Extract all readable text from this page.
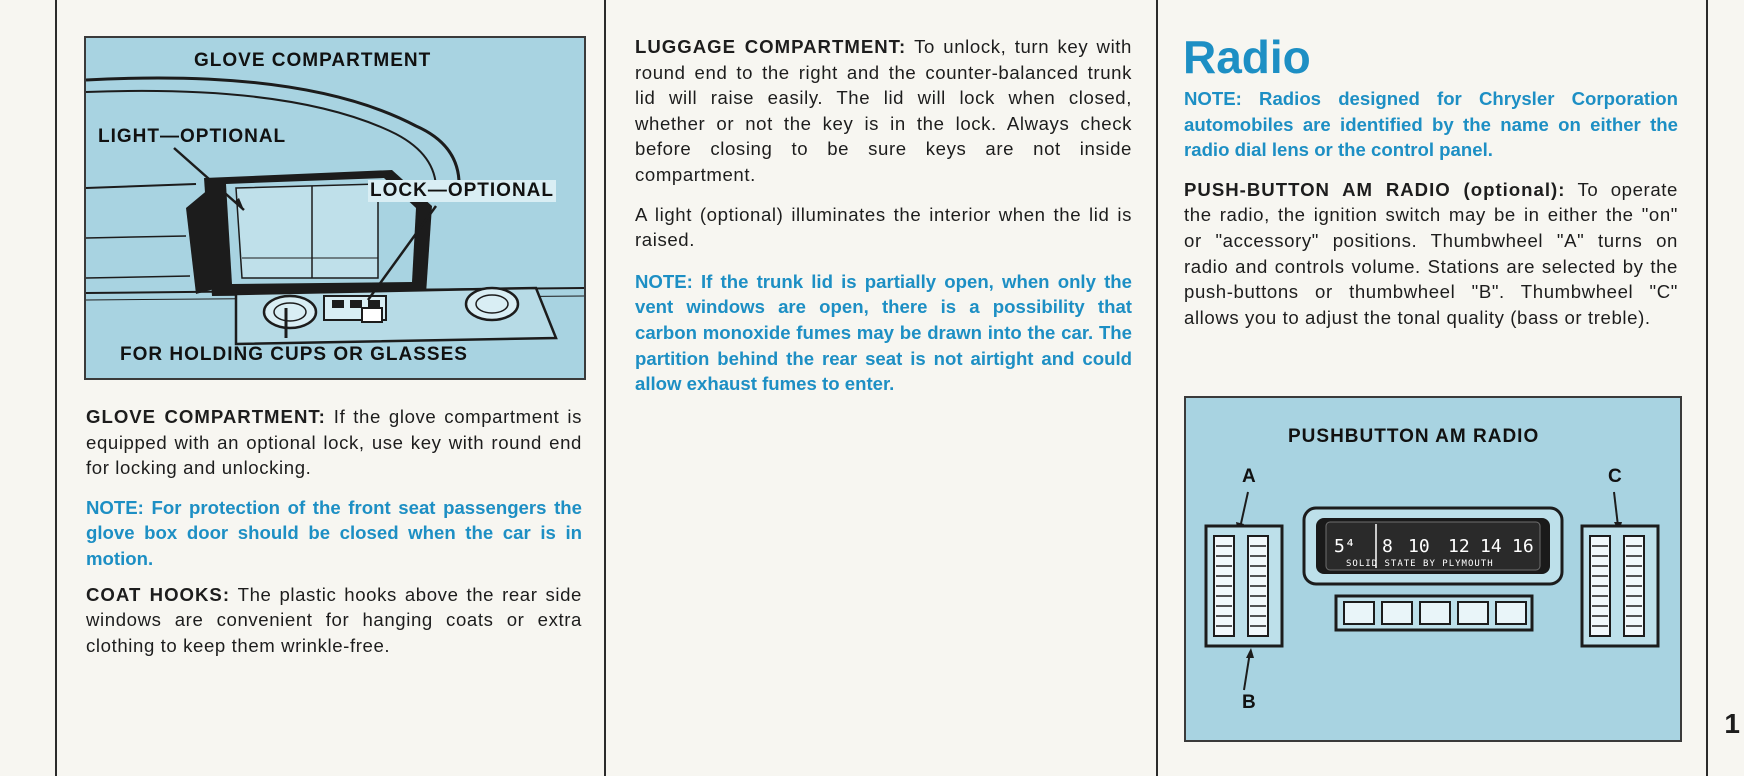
GLOVE COMPARTMENT
LIGHT—OPTIONAL
LOCK—OPTIONAL
FOR HOLDING CUPS OR GLASSES

GLOVE COMPARTMENT: If the glove compartment is equipped with an optional lock, use key with round end for locking and unlocking.

NOTE: For protection of the front seat passengers the glove box door should be closed when the car is in motion.

COAT HOOKS: The plastic hooks above the rear side windows are convenient for hanging coats or extra clothing to keep them wrinkle-free.

LUGGAGE COMPARTMENT: To unlock, turn key with round end to the right and the counter-balanced trunk lid will raise easily. The lid will lock when closed, whether or not the key is in the lock. Always check before closing to be sure keys are not inside compartment.

A light (optional) illuminates the interior when the lid is raised.

NOTE: If the trunk lid is partially open, when only the vent windows are open, there is a possibility that carbon monoxide fumes may be drawn into the car. The partition behind the rear seat is not airtight and could allow exhaust fumes to enter.

Radio

NOTE: Radios designed for Chrysler Corporation automobiles are identified by the name on either the radio dial lens or the control panel.

PUSH-BUTTON AM RADIO (optional): To operate the radio, the ignition switch may be in either the "on" or "accessory" positions. Thumbwheel "A" turns on radio and controls volume. Stations are selected by the push-buttons or thumbwheel "B". Thumbwheel "C" allows you to adjust the tonal quality (bass or treble).

PUSHBUTTON AM RADIO
A	C
B
5⁴ 8 10 12 14 16
SOLID STATE BY PLYMOUTH
1
